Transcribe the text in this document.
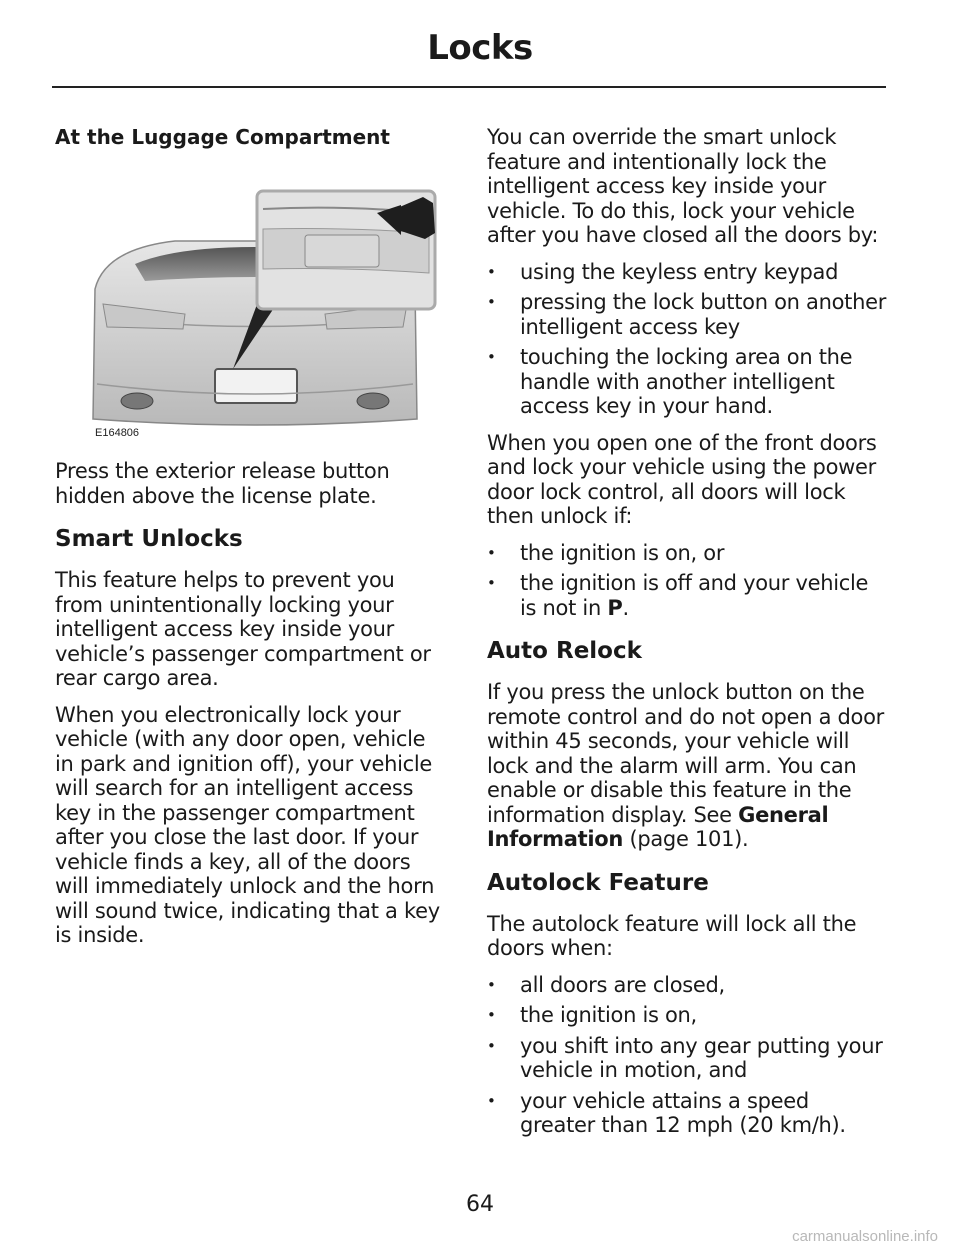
Locks

At the Luggage Compartment

E164806

Press the exterior release button hidden above the license plate.

Smart Unlocks

This feature helps to prevent you from unintentionally locking your intelligent access key inside your vehicle’s passenger compartment or rear cargo area.

When you electronically lock your vehicle (with any door open, vehicle in park and ignition off), your vehicle will search for an intelligent access key in the passenger compartment after you close the last door. If your vehicle finds a key, all of the doors will immediately unlock and the horn will sound twice, indicating that a key is inside.

You can override the smart unlock feature and intentionally lock the intelligent access key inside your vehicle. To do this, lock your vehicle after you have closed all the doors by:

• using the keyless entry keypad
• pressing the lock button on another intelligent access key
• touching the locking area on the handle with another intelligent access key in your hand.

When you open one of the front doors and lock your vehicle using the power door lock control, all doors will lock then unlock if:

• the ignition is on, or
• the ignition is off and your vehicle is not in P.

Auto Relock

If you press the unlock button on the remote control and do not open a door within 45 seconds, your vehicle will lock and the alarm will arm. You can enable or disable this feature in the information display. See General Information (page 101).

Autolock Feature

The autolock feature will lock all the doors when:

• all doors are closed,
• the ignition is on,
• you shift into any gear putting your vehicle in motion, and
• your vehicle attains a speed greater than 12 mph (20 km/h).
64
carmanualsonline.info
